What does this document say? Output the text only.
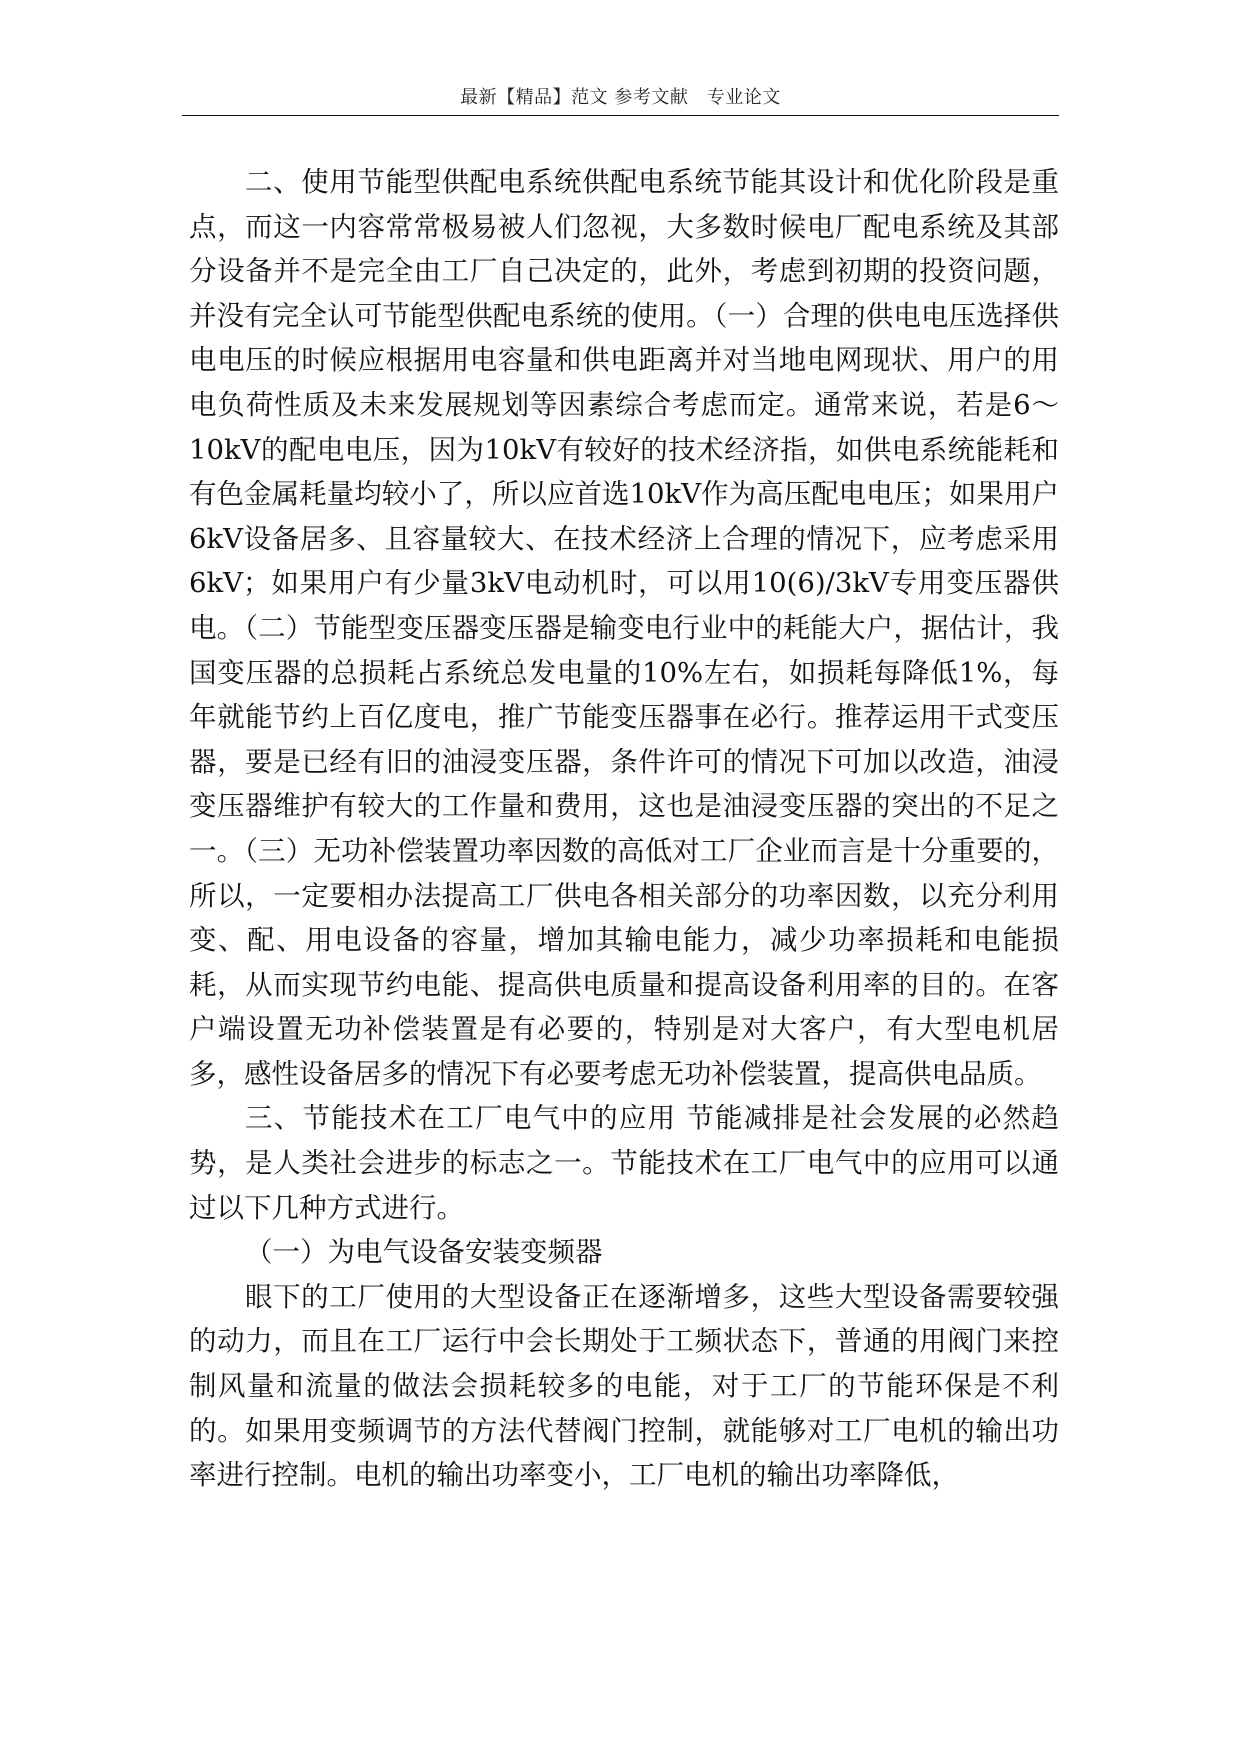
最新【精品】范文 参考文献　专业论文

二、使用节能型供配电系统供配电系统节能其设计和优化阶段是重点，而这一内容常常极易被人们忽视，大多数时候电厂配电系统及其部分设备并不是完全由工厂自己决定的，此外，考虑到初期的投资问题，并没有完全认可节能型供配电系统的使用。（一）合理的供电电压选择供电电压的时候应根据用电容量和供电距离并对当地电网现状、用户的用电负荷性质及未来发展规划等因素综合考虑而定。通常来说，若是6～10kV的配电电压，因为10kV有较好的技术经济指，如供电系统能耗和有色金属耗量均较小了，所以应首选10kV作为高压配电电压；如果用户6kV设备居多、且容量较大、在技术经济上合理的情况下，应考虑采用6kV；如果用户有少量3kV电动机时，可以用10(6)/3kV专用变压器供电。（二）节能型变压器变压器是输变电行业中的耗能大户，据估计，我国变压器的总损耗占系统总发电量的10%左右，如损耗每降低1%，每年就能节约上百亿度电，推广节能变压器事在必行。推荐运用干式变压器，要是已经有旧的油浸变压器，条件许可的情况下可加以改造，油浸变压器维护有较大的工作量和费用，这也是油浸变压器的突出的不足之一。（三）无功补偿装置功率因数的高低对工厂企业而言是十分重要的，所以，一定要相办法提高工厂供电各相关部分的功率因数，以充分利用变、配、用电设备的容量，增加其输电能力，减少功率损耗和电能损耗，从而实现节约电能、提高供电质量和提高设备利用率的目的。在客户端设置无功补偿装置是有必要的，特别是对大客户，有大型电机居多，感性设备居多的情况下有必要考虑无功补偿装置，提高供电品质。

三、节能技术在工厂电气中的应用 节能减排是社会发展的必然趋势，是人类社会进步的标志之一。节能技术在工厂电气中的应用可以通过以下几种方式进行。

（一）为电气设备安装变频器

眼下的工厂使用的大型设备正在逐渐增多，这些大型设备需要较强的动力，而且在工厂运行中会长期处于工频状态下，普通的用阀门来控制风量和流量的做法会损耗较多的电能，对于工厂的节能环保是不利的。如果用变频调节的方法代替阀门控制，就能够对工厂电机的输出功率进行控制。电机的输出功率变小，工厂电机的输出功率降低，
